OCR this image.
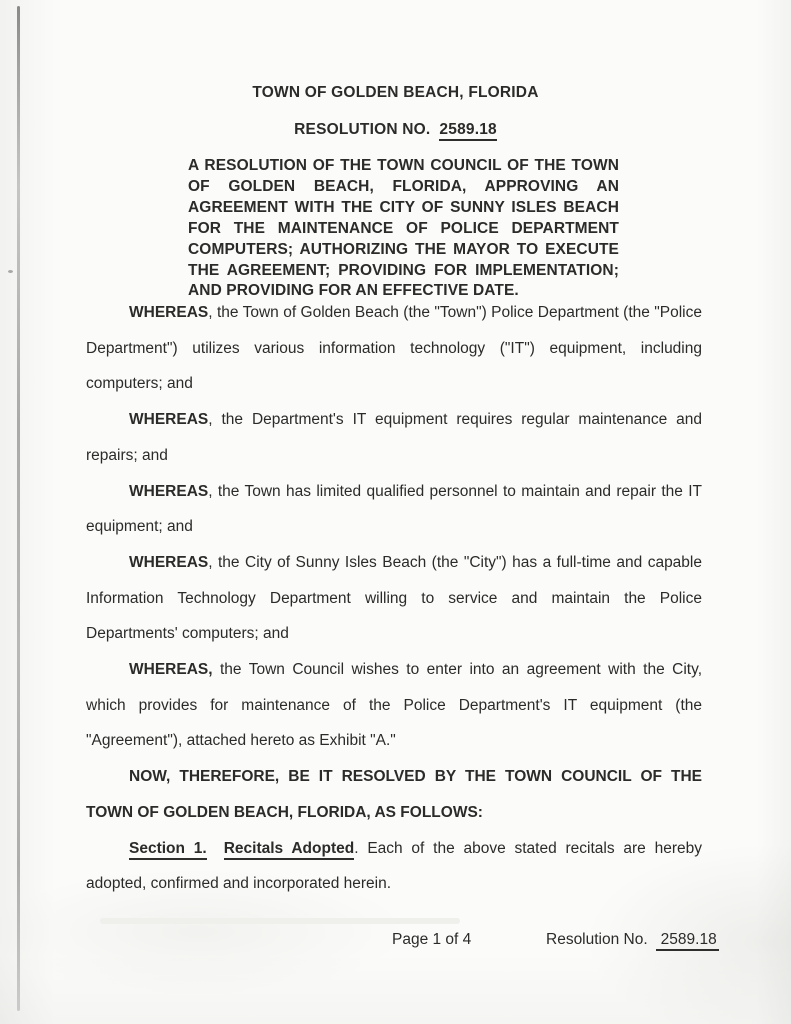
TOWN OF GOLDEN BEACH, FLORIDA
RESOLUTION NO. 2589.18
A RESOLUTION OF THE TOWN COUNCIL OF THE TOWN OF GOLDEN BEACH, FLORIDA, APPROVING AN AGREEMENT WITH THE CITY OF SUNNY ISLES BEACH FOR THE MAINTENANCE OF POLICE DEPARTMENT COMPUTERS; AUTHORIZING THE MAYOR TO EXECUTE THE AGREEMENT; PROVIDING FOR IMPLEMENTATION; AND PROVIDING FOR AN EFFECTIVE DATE.

WHEREAS, the Town of Golden Beach (the "Town") Police Department (the "Police Department") utilizes various information technology ("IT") equipment, including computers; and

WHEREAS, the Department's IT equipment requires regular maintenance and repairs; and

WHEREAS, the Town has limited qualified personnel to maintain and repair the IT equipment; and

WHEREAS, the City of Sunny Isles Beach (the "City") has a full-time and capable Information Technology Department willing to service and maintain the Police Departments' computers; and

WHEREAS, the Town Council wishes to enter into an agreement with the City, which provides for maintenance of the Police Department's IT equipment (the "Agreement"), attached hereto as Exhibit "A."

NOW, THEREFORE, BE IT RESOLVED BY THE TOWN COUNCIL OF THE TOWN OF GOLDEN BEACH, FLORIDA, AS FOLLOWS:

Section 1. Recitals Adopted. Each of the above stated recitals are hereby adopted, confirmed and incorporated herein.

Page 1 of 4	Resolution No. 2589.18
